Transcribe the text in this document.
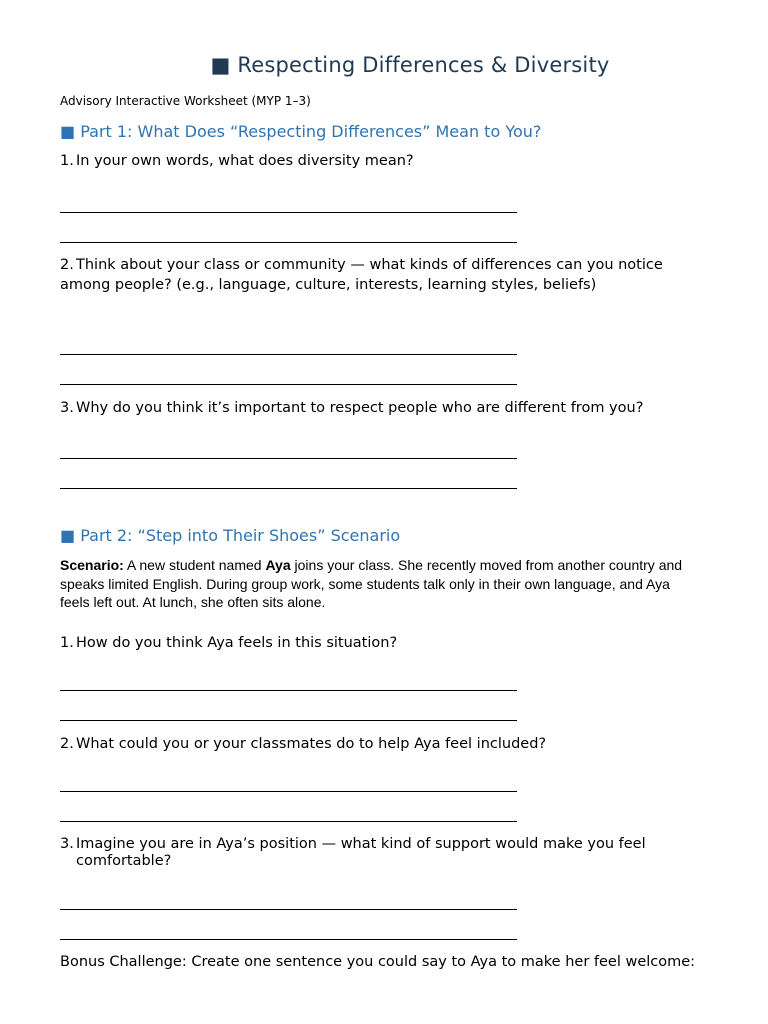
■ Respecting Differences & Diversity
Advisory Interactive Worksheet (MYP 1–3)
■ Part 1: What Does “Respecting Differences” Mean to You?
1. In your own words, what does diversity mean?
2. Think about your class or community — what kinds of differences can you notice among people? (e.g., language, culture, interests, learning styles, beliefs)
3. Why do you think it’s important to respect people who are different from you?
■ Part 2: “Step into Their Shoes” Scenario
Scenario: A new student named Aya joins your class. She recently moved from another country and speaks limited English. During group work, some students talk only in their own language, and Aya feels left out. At lunch, she often sits alone.
1. How do you think Aya feels in this situation?
2. What could you or your classmates do to help Aya feel included?
3. Imagine you are in Aya’s position — what kind of support would make you feel comfortable?
Bonus Challenge: Create one sentence you could say to Aya to make her feel welcome:
